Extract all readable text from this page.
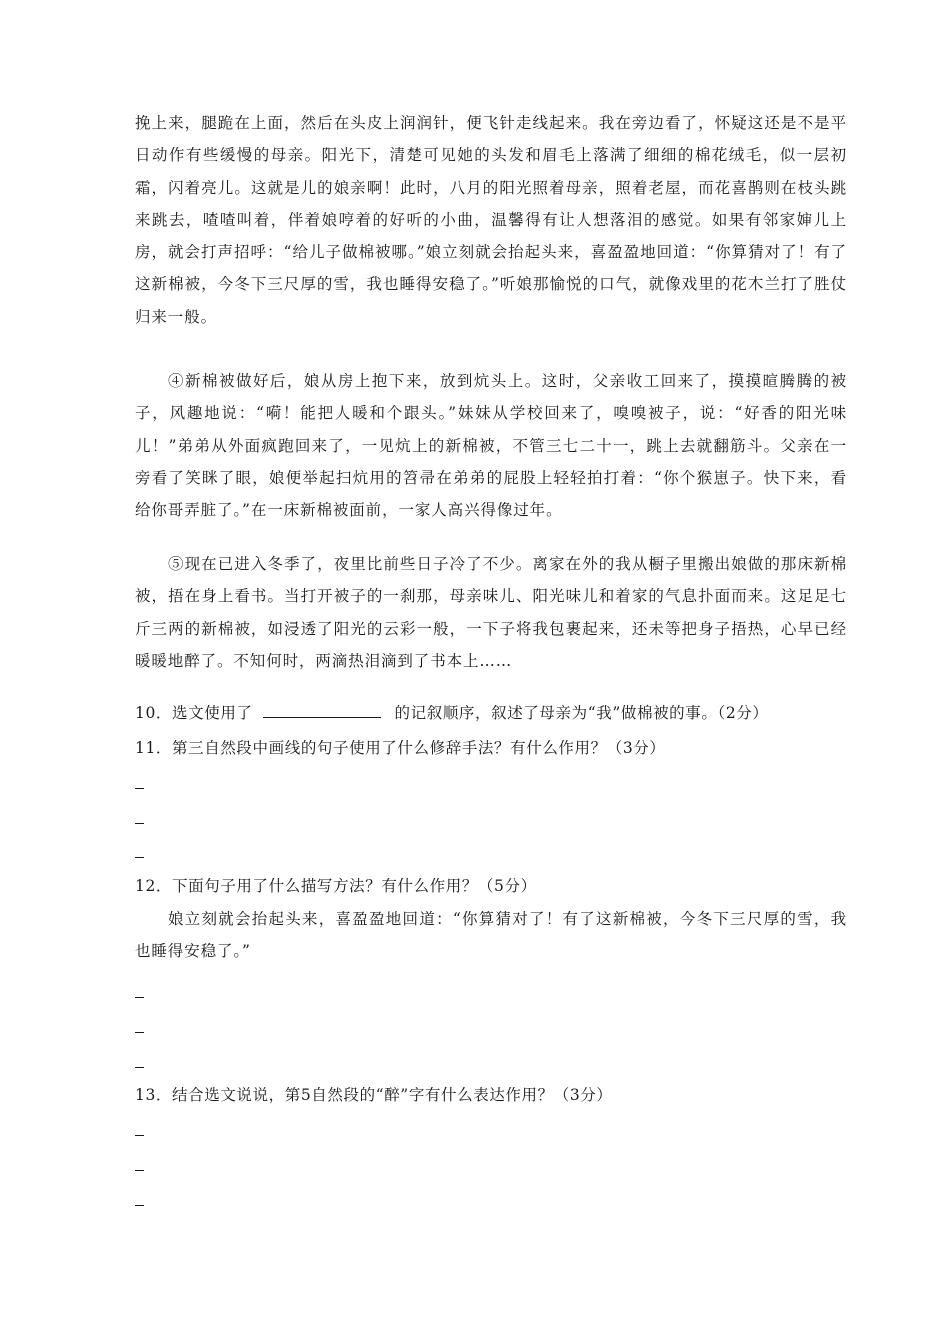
挽上来，腿跪在上面，然后在头皮上润润针，便飞针走线起来。我在旁边看了，怀疑这还是不是平日动作有些缓慢的母亲。阳光下，清楚可见她的头发和眉毛上落满了细细的棉花绒毛，似一层初霜，闪着亮儿。这就是儿的娘亲啊！此时，八月的阳光照着母亲，照着老屋，而花喜鹊则在枝头跳来跳去，喳喳叫着，伴着娘哼着的好听的小曲，温馨得有让人想落泪的感觉。如果有邻家婶儿上房，就会打声招呼：“给儿子做棉被哪。”娘立刻就会抬起头来，喜盈盈地回道：“你算猜对了！有了这新棉被，今冬下三尺厚的雪，我也睡得安稳了。”听娘那愉悦的口气，就像戏里的花木兰打了胜仗归来一般。

④新棉被做好后，娘从房上抱下来，放到炕头上。这时，父亲收工回来了，摸摸暄腾腾的被子，风趣地说：“嗬！能把人暖和个跟头。”妹妹从学校回来了，嗅嗅被子，说：“好香的阳光味儿！”弟弟从外面疯跑回来了，一见炕上的新棉被，不管三七二十一，跳上去就翻筋斗。父亲在一旁看了笑眯了眼，娘便举起扫炕用的笤帚在弟弟的屁股上轻轻拍打着：“你个猴崽子。快下来，看给你哥弄脏了。”在一床新棉被面前，一家人高兴得像过年。

⑤现在已进入冬季了，夜里比前些日子冷了不少。离家在外的我从橱子里搬出娘做的那床新棉被，捂在身上看书。当打开被子的一刹那，母亲味儿、阳光味儿和着家的气息扑面而来。这足足七斤三两的新棉被，如浸透了阳光的云彩一般，一下子将我包裹起来，还未等把身子捂热，心早已经暖暖地醉了。不知何时，两滴热泪滴到了书本上……

10．选文使用了	的记叙顺序，叙述了母亲为“我”做棉被的事。（2分）

11．第三自然段中画线的句子使用了什么修辞手法？有什么作用？（3分）

12．下面句子用了什么描写方法？有什么作用？（5分）

娘立刻就会抬起头来，喜盈盈地回道：“你算猜对了！有了这新棉被，今冬下三尺厚的雪，我也睡得安稳了。”

13．结合选文说说，第5自然段的“醉”字有什么表达作用？（3分）
